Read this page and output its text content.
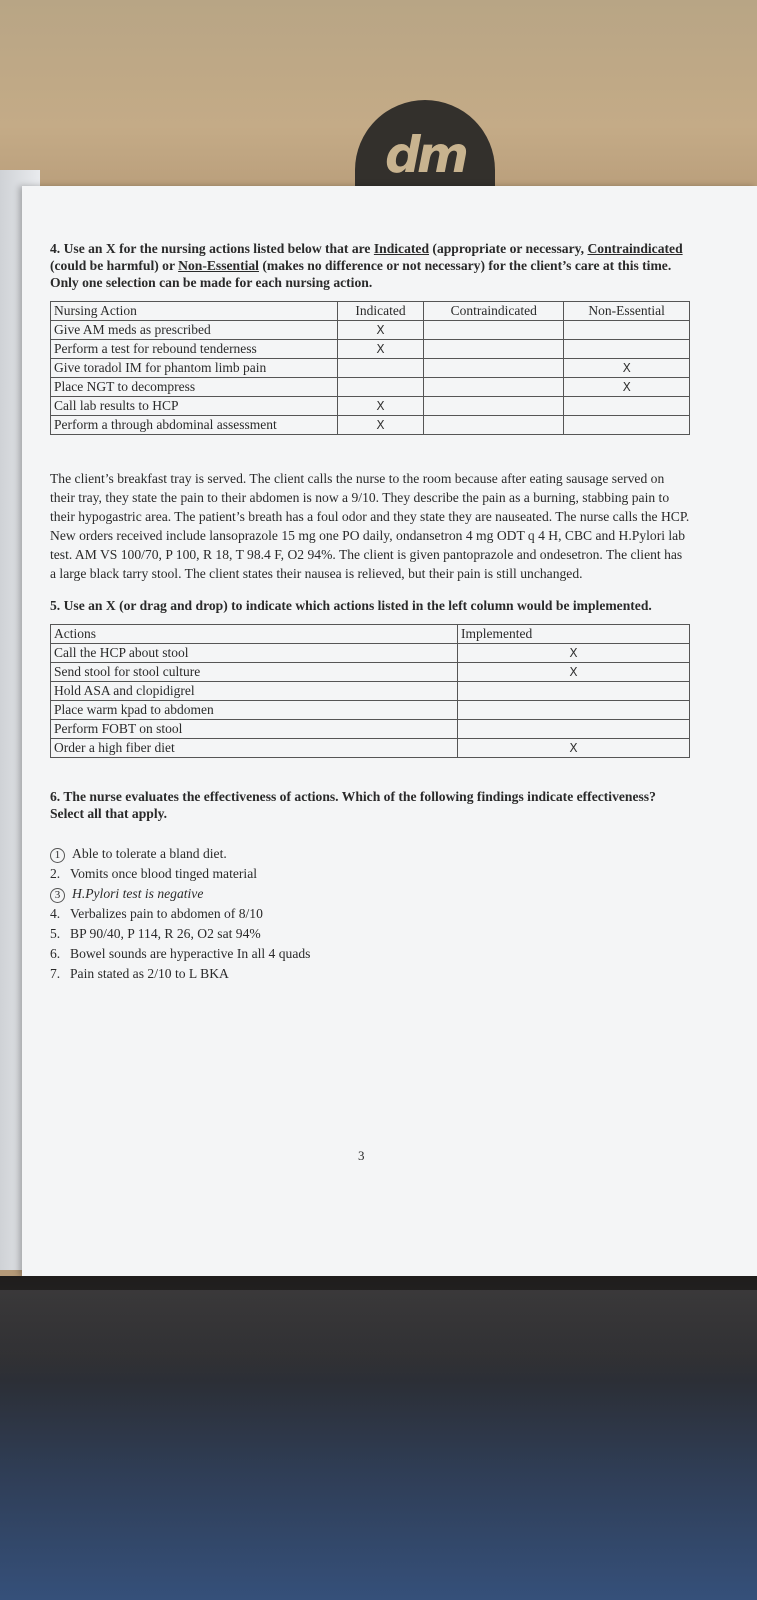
dm
4. Use an X for the nursing actions listed below that are Indicated (appropriate or necessary, Contraindicated (could be harmful) or Non-Essential (makes no difference or not necessary) for the client’s care at this time. Only one selection can be made for each nursing action.
Nursing Action	Indicated	Contraindicated	Non-Essential
Give AM meds as prescribed	X		
Perform a test for rebound tenderness	X		
Give toradol IM for phantom limb pain			X
Place NGT to decompress			X
Call lab results to HCP	X		
Perform a through abdominal assessment	X		

The client’s breakfast tray is served. The client calls the nurse to the room because after eating sausage served on their tray, they state the pain to their abdomen is now a 9/10. They describe the pain as a burning, stabbing pain to their hypogastric area. The patient’s breath has a foul odor and they state they are nauseated. The nurse calls the HCP. New orders received include lansoprazole 15 mg one PO daily, ondansetron 4 mg ODT q 4 H, CBC and H.Pylori lab test. AM VS 100/70, P 100, R 18, T 98.4 F, O2 94%. The client is given pantoprazole and ondesetron. The client has a large black tarry stool. The client states their nausea is relieved, but their pain is still unchanged.

5. Use an X (or drag and drop) to indicate which actions listed in the left column would be implemented.
Actions	Implemented
Call the HCP about stool	X
Send stool for stool culture	X
Hold ASA and clopidigrel	
Place warm kpad to abdomen	
Perform FOBT on stool	
Order a high fiber diet	X
6. The nurse evaluates the effectiveness of actions. Which of the following findings indicate effectiveness? Select all that apply.
1 Able to tolerate a bland diet.
2. Vomits once blood tinged material
3 H.Pylori test is negative
4. Verbalizes pain to abdomen of 8/10
5. BP 90/40, P 114, R 26, O2 sat 94%
6. Bowel sounds are hyperactive In all 4 quads
7. Pain stated as 2/10 to L BKA
3
